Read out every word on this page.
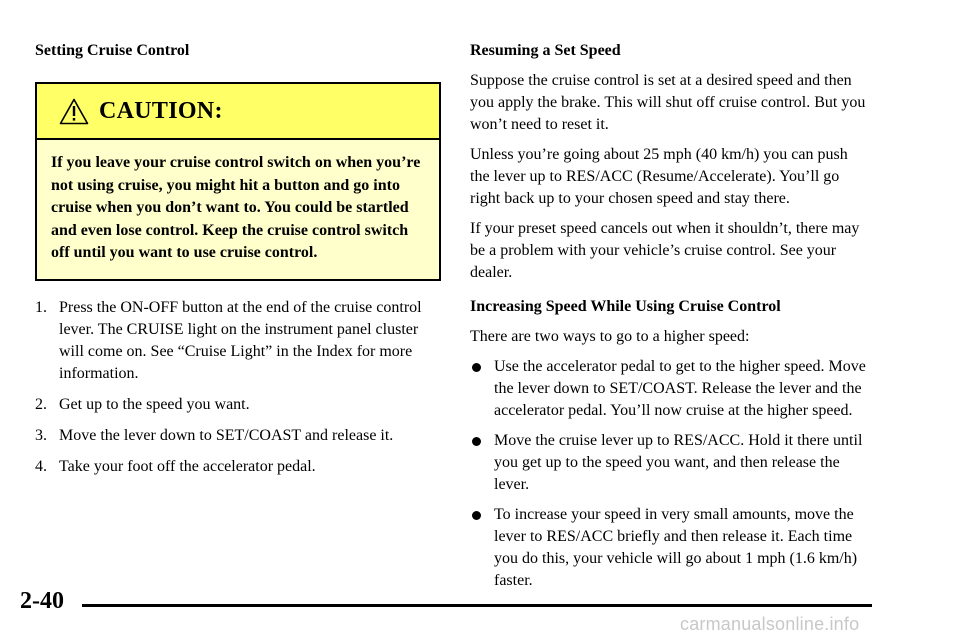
Setting Cruise Control
CAUTION:
If you leave your cruise control switch on when you’re not using cruise, you might hit a button and go into cruise when you don’t want to. You could be startled and even lose control. Keep the cruise control switch off until you want to use cruise control.
1. Press the ON-OFF button at the end of the cruise control lever. The CRUISE light on the instrument panel cluster will come on. See “Cruise Light” in the Index for more information.
2. Get up to the speed you want.
3. Move the lever down to SET/COAST and release it.
4. Take your foot off the accelerator pedal.
Resuming a Set Speed

Suppose the cruise control is set at a desired speed and then you apply the brake. This will shut off cruise control. But you won’t need to reset it.

Unless you’re going about 25 mph (40 km/h) you can push the lever up to RES/ACC (Resume/Accelerate). You’ll go right back up to your chosen speed and stay there.

If your preset speed cancels out when it shouldn’t, there may be a problem with your vehicle’s cruise control. See your dealer.

Increasing Speed While Using Cruise Control

There are two ways to go to a higher speed:

Use the accelerator pedal to get to the higher speed. Move the lever down to SET/COAST. Release the lever and the accelerator pedal. You’ll now cruise at the higher speed.
Move the cruise lever up to RES/ACC. Hold it there until you get up to the speed you want, and then release the lever.
To increase your speed in very small amounts, move the lever to RES/ACC briefly and then release it. Each time you do this, your vehicle will go about 1 mph (1.6 km/h) faster.
2-40
carmanualsonline.info
